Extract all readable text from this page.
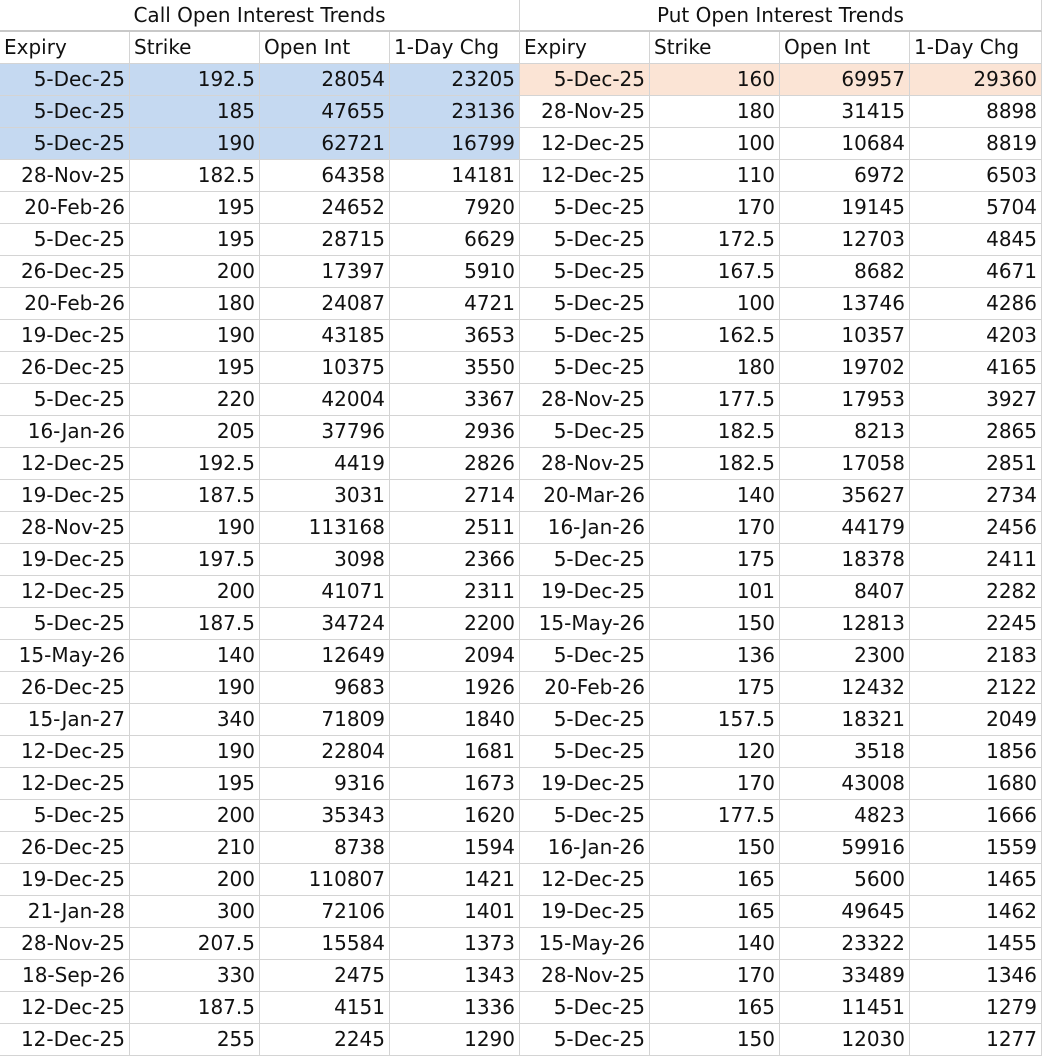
Call Open Interest Trends	Put Open Interest Trends
Expiry	Strike	Open Int	1-Day Chg	Expiry	Strike	Open Int	1-Day Chg
5-Dec-25	192.5	28054	23205	5-Dec-25	160	69957	29360
5-Dec-25	185	47655	23136	28-Nov-25	180	31415	8898
5-Dec-25	190	62721	16799	12-Dec-25	100	10684	8819
28-Nov-25	182.5	64358	14181	12-Dec-25	110	6972	6503
20-Feb-26	195	24652	7920	5-Dec-25	170	19145	5704
5-Dec-25	195	28715	6629	5-Dec-25	172.5	12703	4845
26-Dec-25	200	17397	5910	5-Dec-25	167.5	8682	4671
20-Feb-26	180	24087	4721	5-Dec-25	100	13746	4286
19-Dec-25	190	43185	3653	5-Dec-25	162.5	10357	4203
26-Dec-25	195	10375	3550	5-Dec-25	180	19702	4165
5-Dec-25	220	42004	3367	28-Nov-25	177.5	17953	3927
16-Jan-26	205	37796	2936	5-Dec-25	182.5	8213	2865
12-Dec-25	192.5	4419	2826	28-Nov-25	182.5	17058	2851
19-Dec-25	187.5	3031	2714	20-Mar-26	140	35627	2734
28-Nov-25	190	113168	2511	16-Jan-26	170	44179	2456
19-Dec-25	197.5	3098	2366	5-Dec-25	175	18378	2411
12-Dec-25	200	41071	2311	19-Dec-25	101	8407	2282
5-Dec-25	187.5	34724	2200	15-May-26	150	12813	2245
15-May-26	140	12649	2094	5-Dec-25	136	2300	2183
26-Dec-25	190	9683	1926	20-Feb-26	175	12432	2122
15-Jan-27	340	71809	1840	5-Dec-25	157.5	18321	2049
12-Dec-25	190	22804	1681	5-Dec-25	120	3518	1856
12-Dec-25	195	9316	1673	19-Dec-25	170	43008	1680
5-Dec-25	200	35343	1620	5-Dec-25	177.5	4823	1666
26-Dec-25	210	8738	1594	16-Jan-26	150	59916	1559
19-Dec-25	200	110807	1421	12-Dec-25	165	5600	1465
21-Jan-28	300	72106	1401	19-Dec-25	165	49645	1462
28-Nov-25	207.5	15584	1373	15-May-26	140	23322	1455
18-Sep-26	330	2475	1343	28-Nov-25	170	33489	1346
12-Dec-25	187.5	4151	1336	5-Dec-25	165	11451	1279
12-Dec-25	255	2245	1290	5-Dec-25	150	12030	1277
